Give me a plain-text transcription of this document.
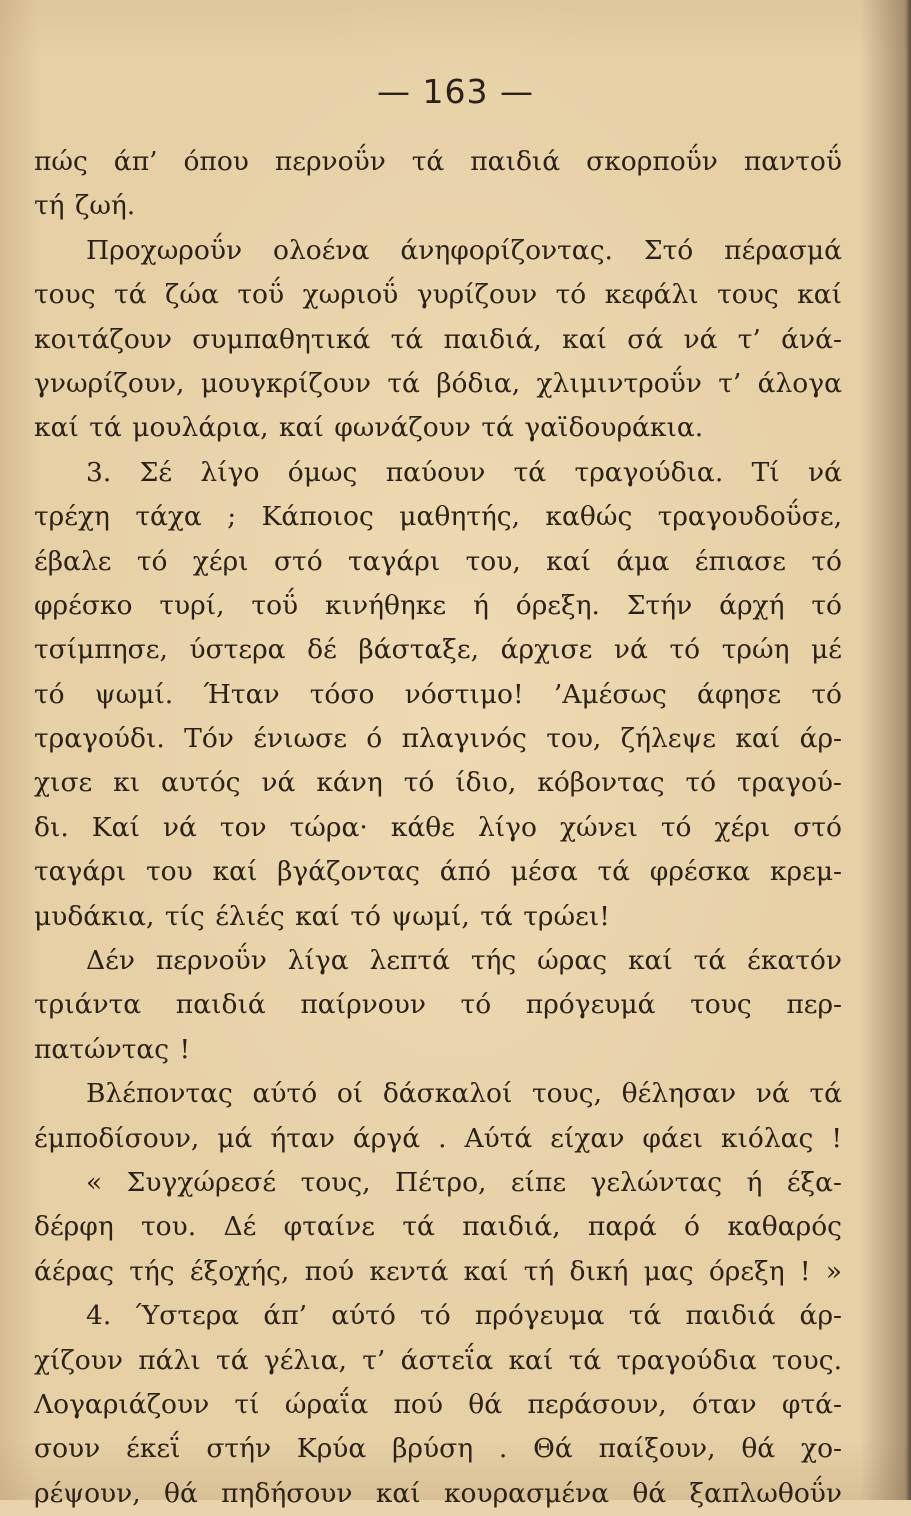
— 163 —
πώς άπ’ όπου περνοΰν τά παιδιά σκορποΰν παντοΰ
τή ζωή.
Προχωροΰν ολοένα άνηφορίζοντας. Στό πέρασμά
τους τά ζώα τοΰ χωριοΰ γυρίζουν τό κεφάλι τους καί
κοιτάζουν συμπαθητικά τά παιδιά, καί σά νά τ’ άνά-
γνωρίζουν, μουγκρίζουν τά βόδια, χλιμιντροΰν τ’ άλογα
καί τά μουλάρια, καί φωνάζουν τά γαϊδουράκια.
3. Σέ λίγο όμως παύουν τά τραγούδια. Τί νά
τρέχη τάχα ; Κάποιος μαθητής, καθώς τραγουδοΰσε,
έβαλε τό χέρι στό ταγάρι του, καί άμα έπιασε τό
φρέσκο τυρί, τοΰ κινήθηκε ή όρεξη. Στήν άρχή τό
τσίμπησε, ύστερα δέ βάσταξε, άρχισε νά τό τρώη μέ
τό ψωμί. Ήταν τόσο νόστιμο! ’Αμέσως άφησε τό
τραγούδι. Τόν ένιωσε ό πλαγινός του, ζήλεψε καί άρ-
χισε κι αυτός νά κάνη τό ίδιο, κόβοντας τό τραγού-
δι. Καί νά τον τώρα· κάθε λίγο χώνει τό χέρι στό
ταγάρι του καί βγάζοντας άπό μέσα τά φρέσκα κρεμ-
μυδάκια, τίς έλιές καί τό ψωμί, τά τρώει!
Δέν περνοΰν λίγα λεπτά τής ώρας καί τά έκατόν
τριάντα παιδιά παίρνουν τό πρόγευμά τους περ-
πατώντας !
Βλέποντας αύτό οί δάσκαλοί τους, θέλησαν νά τά
έμποδίσουν, μά ήταν άργά . Αύτά είχαν φάει κιόλας !
« Συγχώρεσέ τους, Πέτρο, είπε γελώντας ή έξα-
δέρφη του. Δέ φταίνε τά παιδιά, παρά ό καθαρός
άέρας τής έξοχής, πού κεντά καί τή δική μας όρεξη ! »
4. Ύστερα άπ’ αύτό τό πρόγευμα τά παιδιά άρ-
χίζουν πάλι τά γέλια, τ’ άστεΐα καί τά τραγούδια τους.
Λογαριάζουν τί ώραΐα πού θά περάσουν, όταν φτά-
σουν έκεΐ στήν Κρύα βρύση . Θά παίξουν, θά χο-
ρέψουν, θά πηδήσουν καί κουρασμένα θά ξαπλωθοΰν
